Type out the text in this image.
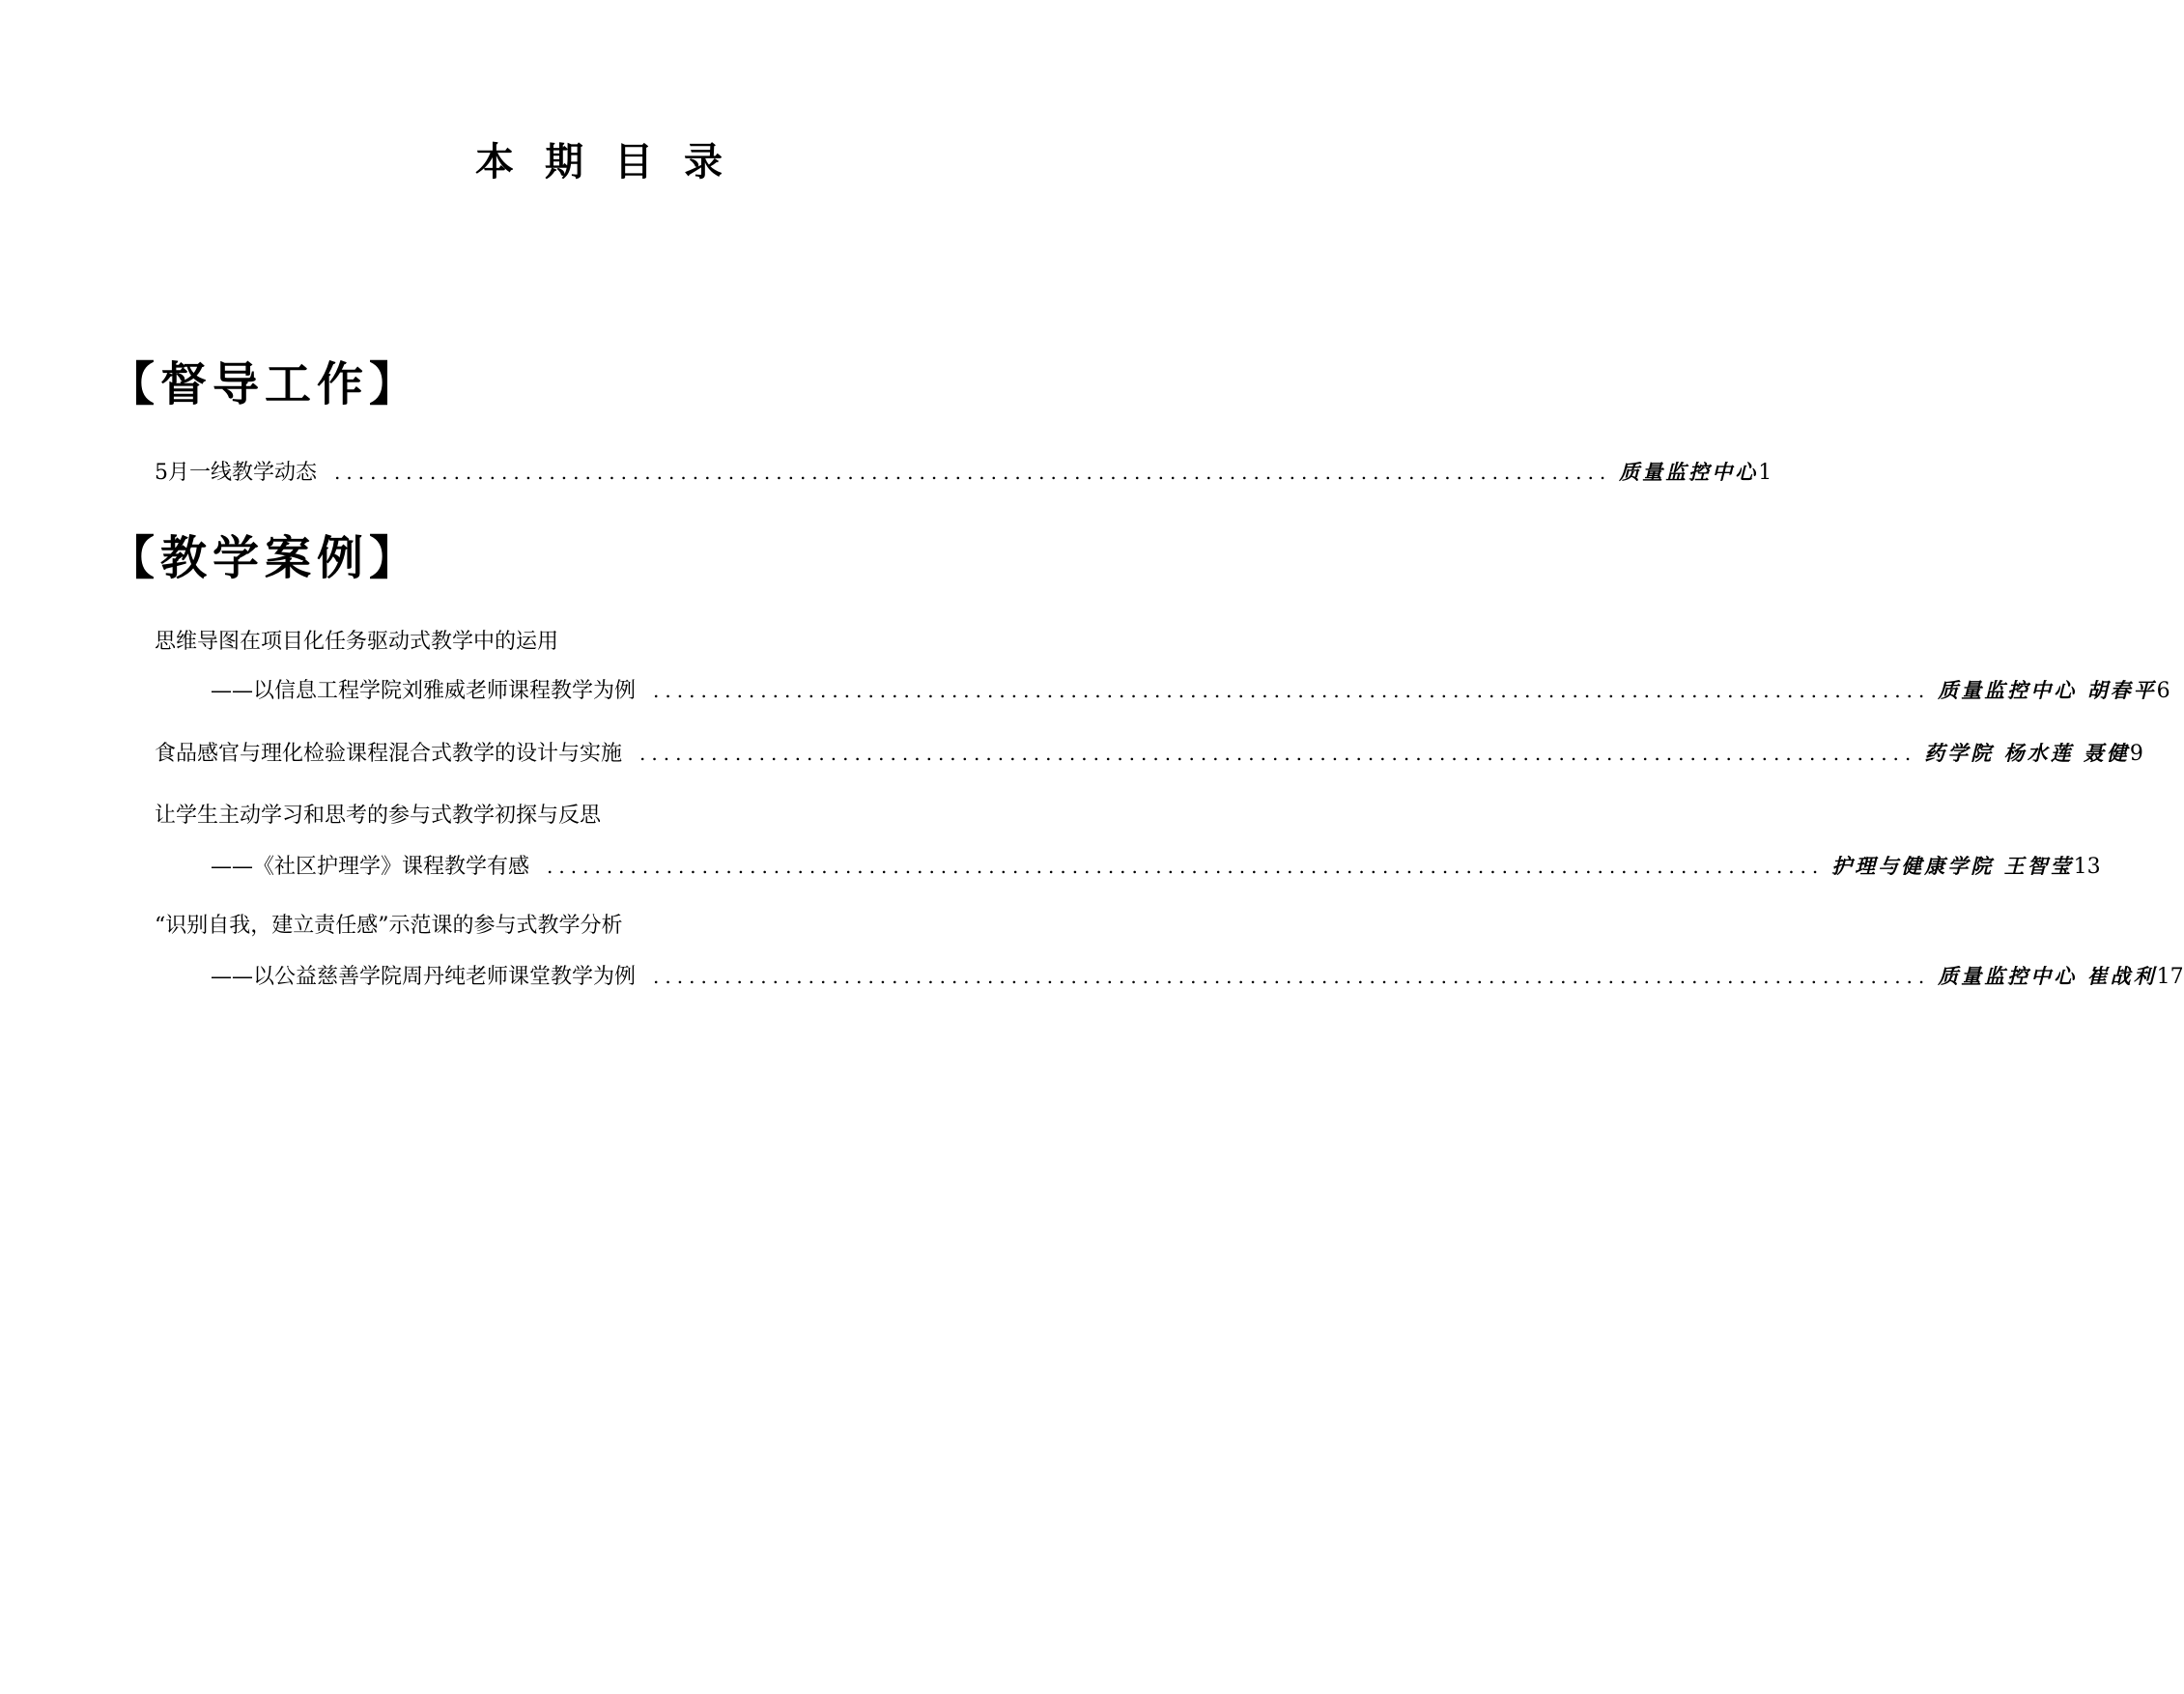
本期目录
【督导工作】
5月一线教学动态 ........................................................................................................... 质量监控中心 1
【教学案例】
思维导图在项目化任务驱动式教学中的运用
——以信息工程学院刘雅威老师课程教学为例 ........................................................................................................... 质量监控中心 胡春平 6
食品感官与理化检验课程混合式教学的设计与实施 ........................................................................................................... 药学院 杨水莲 聂健 9
让学生主动学习和思考的参与式教学初探与反思
——《社区护理学》课程教学有感 ........................................................................................................... 护理与健康学院 王智莹 13
“识别自我，建立责任感”示范课的参与式教学分析
——以公益慈善学院周丹纯老师课堂教学为例 ........................................................................................................... 质量监控中心 崔战利 17
